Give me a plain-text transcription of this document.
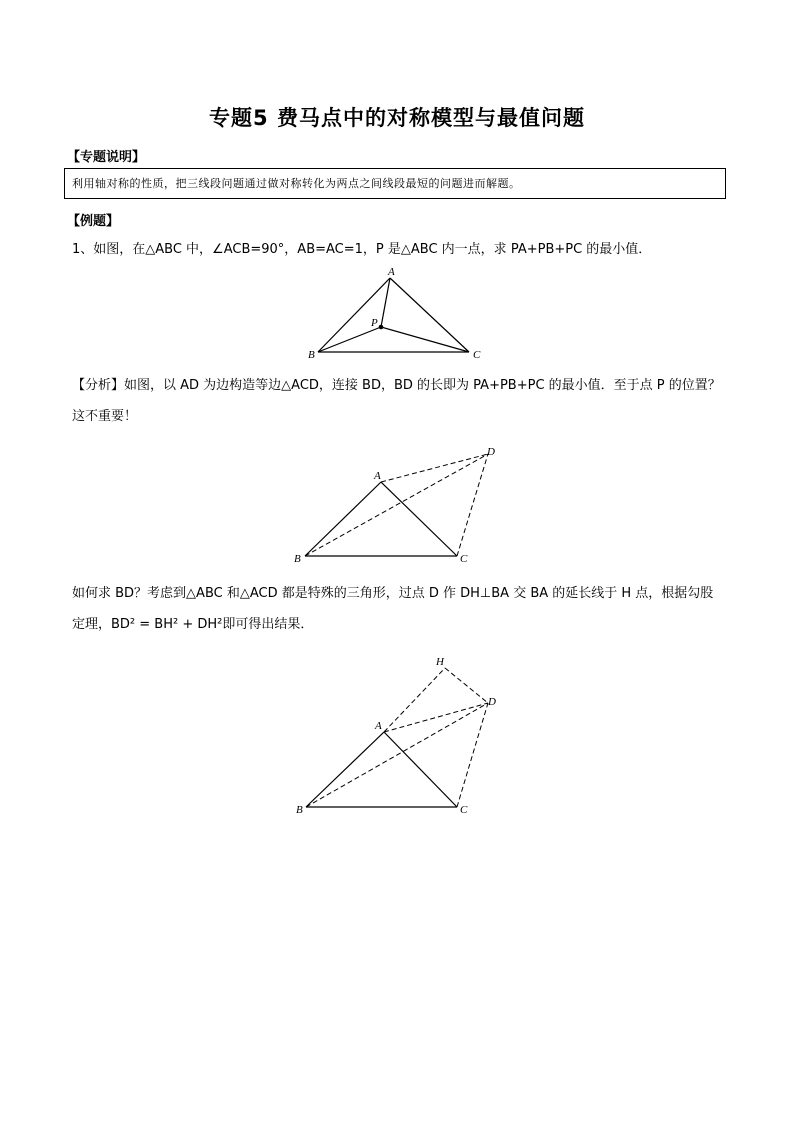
专题5 费马点中的对称模型与最值问题
【专题说明】
利用轴对称的性质，把三线段问题通过做对称转化为两点之间线段最短的问题进而解题。
【例题】
1、如图，在△ABC 中，∠ACB=90°，AB=AC=1，P 是△ABC 内一点，求 PA+PB+PC 的最小值．
A
B	C
P
【分析】如图，以 AD 为边构造等边△ACD，连接 BD，BD 的长即为 PA+PB+PC 的最小值．至于点 P 的位置？这不重要！
A
B	C
D
如何求 BD？考虑到△ABC 和△ACD 都是特殊的三角形，过点 D 作 DH⊥BA 交 BA 的延长线于 H 点，根据勾股定理，BD² = BH² + DH²即可得出结果．
A
B	C
D
H
